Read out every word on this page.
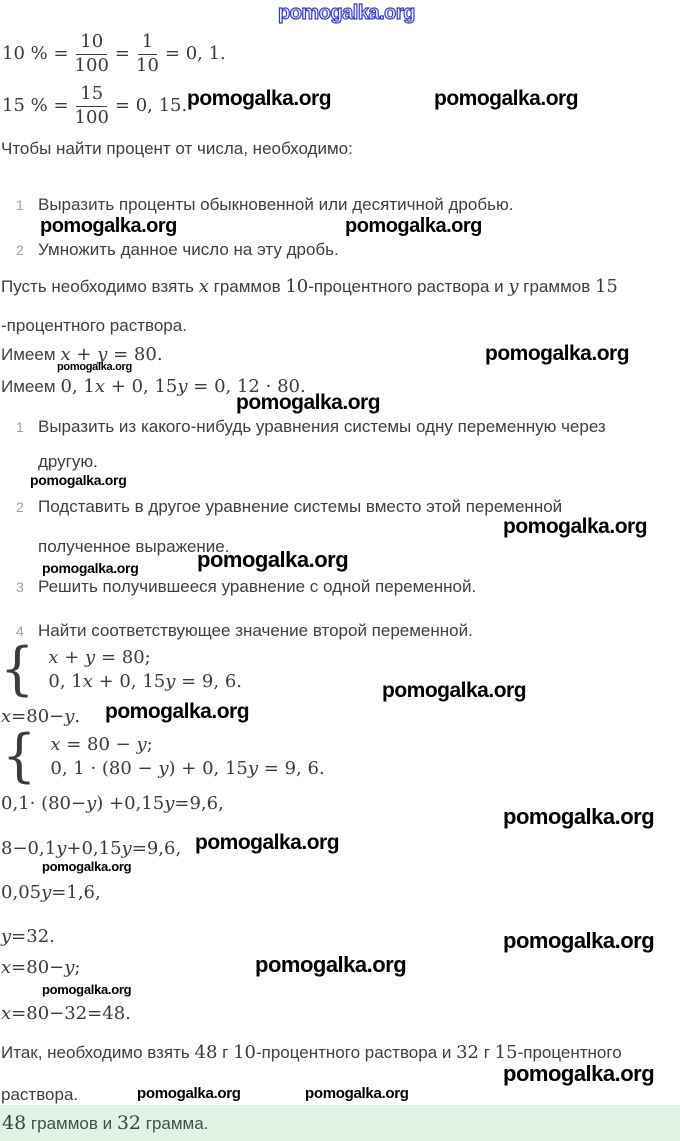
pomogalka.org
pomogalka.org	pomogalka.org
pomogalka.org	pomogalka.org
pomogalka.org
pomogalka.org
pomogalka.org
pomogalka.org
pomogalka.org
pomogalka.org
pomogalka.org
pomogalka.org
pomogalka.org
pomogalka.org
pomogalka.org
pomogalka.org
pomogalka.org
pomogalka.org
pomogalka.org
pomogalka.org
pomogalka.org	pomogalka.org
10 % = $\frac{10}{100} = \frac{1}{10} = 0$, 1.
15 % = $\frac{15}{100} = 0$, 15.
Чтобы найти процент от числа, необходимо:
1 Выразить проценты обыкновенной или десятичной дробью.
2 Умножить данное число на эту дробь.
Пусть необходимо взять x граммов 10-процентного раствора и y граммов 15
-процентного раствора.
Имеем x + y = 80.
Имеем 0, 1x + 0, 15y = 0, 12 · 80.
1 Выразить из какого-нибудь уравнения системы одну переменную через
другую.
2 Подставить в другое уравнение системы вместо этой переменной
полученное выражение.
3 Решить получившееся уравнение с одной переменной.
4 Найти соответствующее значение второй переменной.
{ x + y = 80;
0, 1x + 0, 15y = 9, 6.
x = 80 − y .
{ x = 80 − y;
0, 1 · (80 − y) + 0, 15y = 9, 6.
0 , 1 · ( 80 − y ) + 0 , 15 y = 9 , 6 ,
8 − 0 , 1 y + 0 , 15 y = 9 , 6 ,
0 , 05 y = 1 , 6 ,
y = 32 .
x = 80 − y ;
x = 80 − 32 = 48 .
Итак, необходимо взять 48 г 10-процентного раствора и 32 г 15-процентного
раствора.
48 граммов и 32 грамма.
